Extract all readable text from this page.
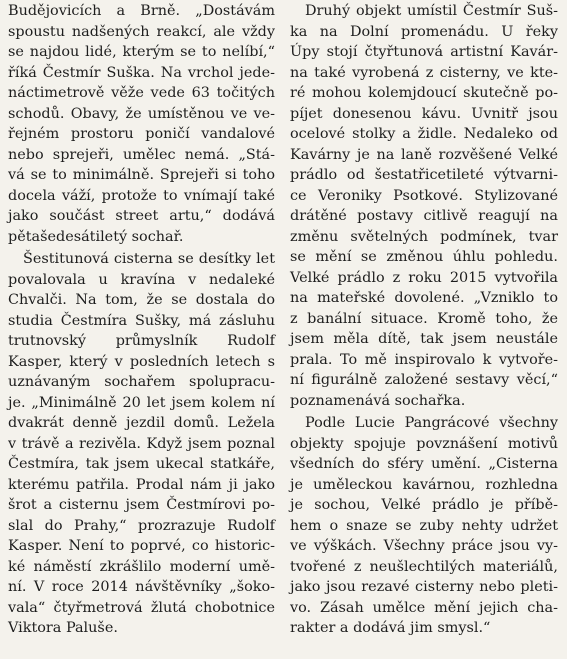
Budějovicích a Brně. „Dostávám
spoustu nadšených reakcí, ale vždy
se najdou lidé, kterým se to nelíbí,“
říká Čestmír Suška. Na vrchol jede-
náctimetrově věže vede 63 točitých
schodů. Obavy, že umístěnou ve ve-
řejném prostoru poničí vandalové
nebo sprejeři, umělec nemá. „Stá-
vá se to minimálně. Sprejeři si toho
docela váží, protože to vnímají také
jako součást street artu,“ dodává
pětašedesátiletý sochař.
Šestitunová cisterna se desítky let
povalovala u kravína v nedaleké
Chvalči. Na tom, že se dostala do
studia Čestmíra Sušky, má zásluhu
trutnovský průmyslník Rudolf
Kasper, který v posledních letech s
uznávaným sochařem spolupracu-
je. „Minimálně 20 let jsem kolem ní
dvakrát denně jezdil domů. Ležela
v trávě a rezivěla. Když jsem poznal
Čestmíra, tak jsem ukecal statkáře,
kterému patřila. Prodal nám ji jako
šrot a cisternu jsem Čestmírovi po-
slal do Prahy,“ prozrazuje Rudolf
Kasper. Není to poprvé, co historic-
ké náměstí zkrášlilo moderní umě-
ní. V roce 2014 návštěvníky „šoko-
vala“ čtyřmetrová žlutá chobotnice
Viktora Paluše.
Druhý objekt umístil Čestmír Suš-
ka na Dolní promenádu. U řeky
Úpy stojí čtyřtunová artistní Kavár-
na také vyrobená z cisterny, ve kte-
ré mohou kolemjdoucí skutečně po-
píjet donesenou kávu. Uvnitř jsou
ocelové stolky a židle. Nedaleko od
Kavárny je na laně rozvěšené Velké
prádlo od šestatřicetileté výtvarni-
ce Veroniky Psotkové. Stylizované
drátěné postavy citlivě reagují na
změnu světelných podmínek, tvar
se mění se změnou úhlu pohledu.
Velké prádlo z roku 2015 vytvořila
na mateřské dovolené. „Vzniklo to
z banální situace. Kromě toho, že
jsem měla dítě, tak jsem neustále
prala. To mě inspirovalo k vytvoře-
ní figurálně založené sestavy věcí,“
poznamenává sochařka.
Podle Lucie Pangrácové všechny
objekty spojuje povznášení motivů
všedních do sféry umění. „Cisterna
je uměleckou kavárnou, rozhledna
je sochou, Velké prádlo je příbě-
hem o snaze se zuby nehty udržet
ve výškách. Všechny práce jsou vy-
tvořené z neušlechtilých materiálů,
jako jsou rezavé cisterny nebo pleti-
vo. Zásah umělce mění jejich cha-
rakter a dodává jim smysl.“
